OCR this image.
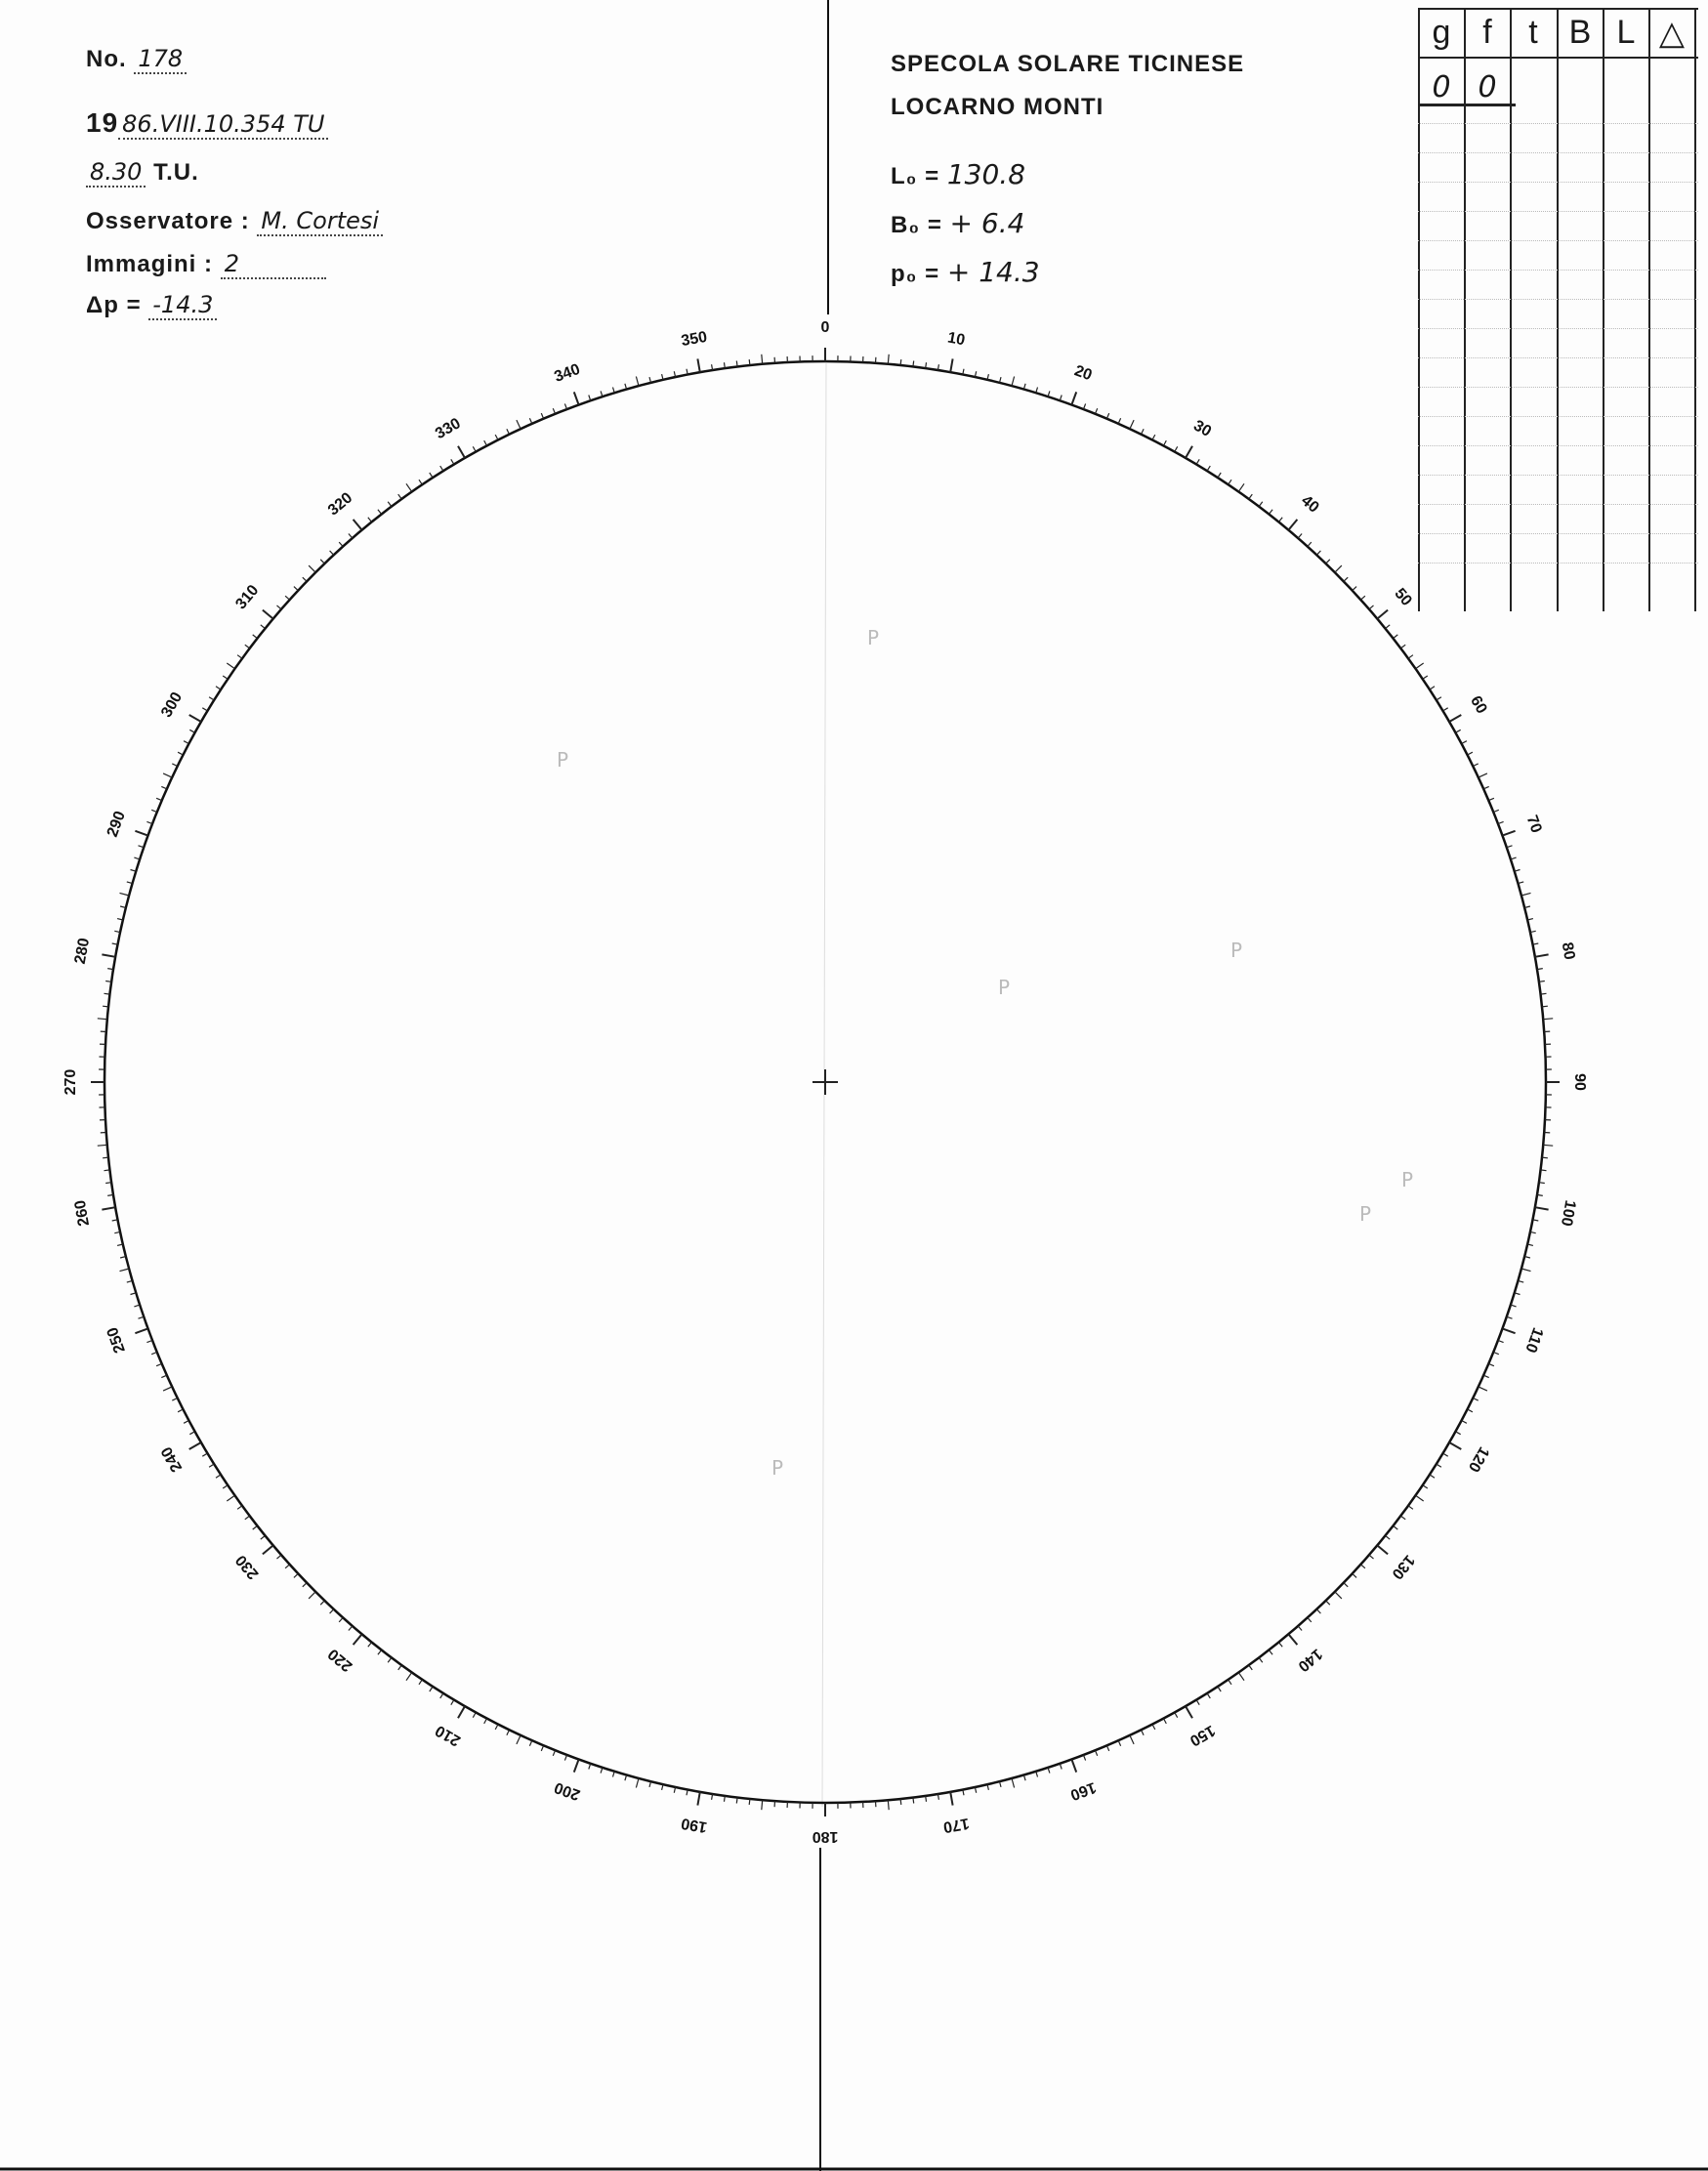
0
10
20
30
40
50
60
70
80
90
100
110
120
130
140
150
160
170
180
190
200
210
220
230
240
250
260
270
280
290
300
310
320
330
340
350
P
P
P
P
P
P
P
No. 178
19 86.VIII.10.354 TU
8.30 T.U.
Osservatore : M. Cortesi
Immagini : 2
Δp = -14.3
SPECOLA SOLARE TICINESE
LOCARNO MONTI
L₀ = 130.8
B₀ = + 6.4
p₀ = + 14.3
g f	t B L △
0 0
